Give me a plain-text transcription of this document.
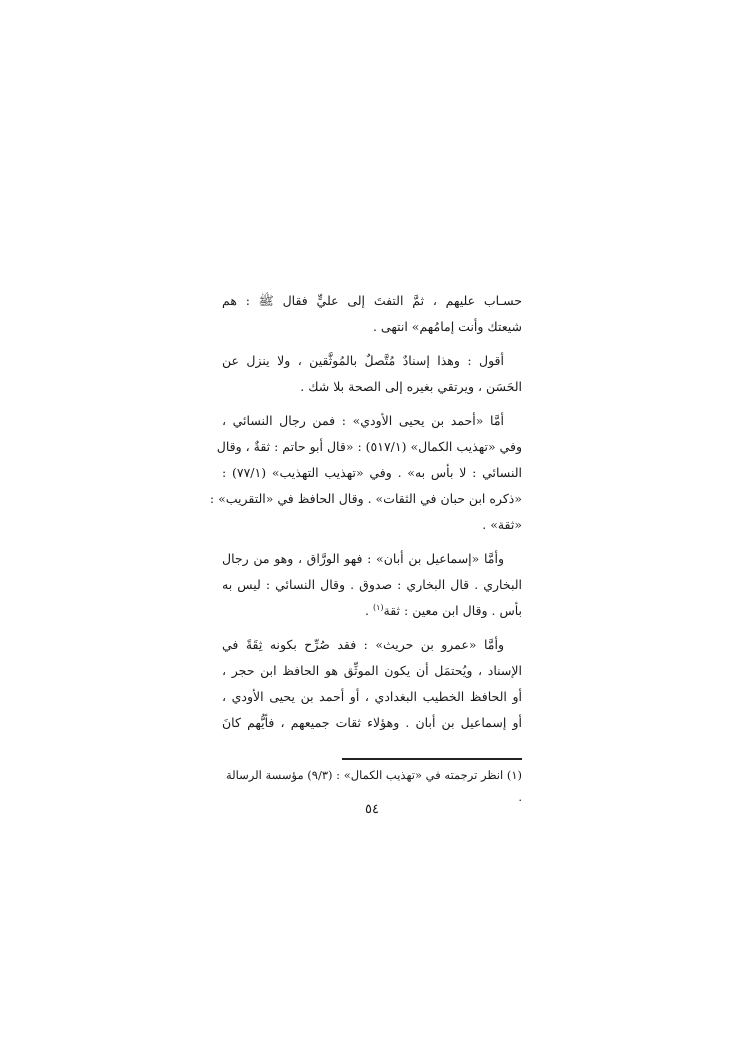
حسـاب عليهم ، ثمَّ التفتَ إلى عليٍّ فقال ﷺ : هم
شيعتك وأنت إمامُهم» انتهى .
أقول : وهذا إسنادٌ مُتَّصلٌ بالمُوثَّقين ، ولا ينزل عن
الحَسَن ، ويرتقي بغيره إلى الصحة بلا شك .
أمَّا «أحمد بن يحيى الأودي» : فمن رجال النسائي ،
وفي «تهذيب الكمال» (٥١٧/١) : «قال أبو حاتم : ثقةٌ ، وقال
النسائي : لا بأس به» . وفي «تهذيب التهذيب» (٧٧/١) :
«ذكره ابن حبان في الثقات» . وقال الحافظ في «التقريب» :
«ثقة» .
وأمَّا «إسماعيل بن أبان» : فهو الورَّاق ، وهو من رجال
البخاري . قال البخاري : صدوق . وقال النسائي : ليس به
بأس . وقال ابن معين : ثقة$^{(١)}$ .
وأمَّا «عمرو بن حريث» : فقد صُرِّح بكونه ثِقَةً في
الإسناد ، ويُحتمَل أن يكون الموثِّق هو الحافظ ابن حجر ،
أو الحافظ الخطيب البغدادي ، أو أحمد بن يحيى الأودي ،
أو إسماعيل بن أبان . وهؤلاء ثقات جميعهم ، فأيُّهم كانَ
(١) انظر ترجمته في «تهذيب الكمال» : (٩/٣) مؤسسة الرسالة .
٥٤
